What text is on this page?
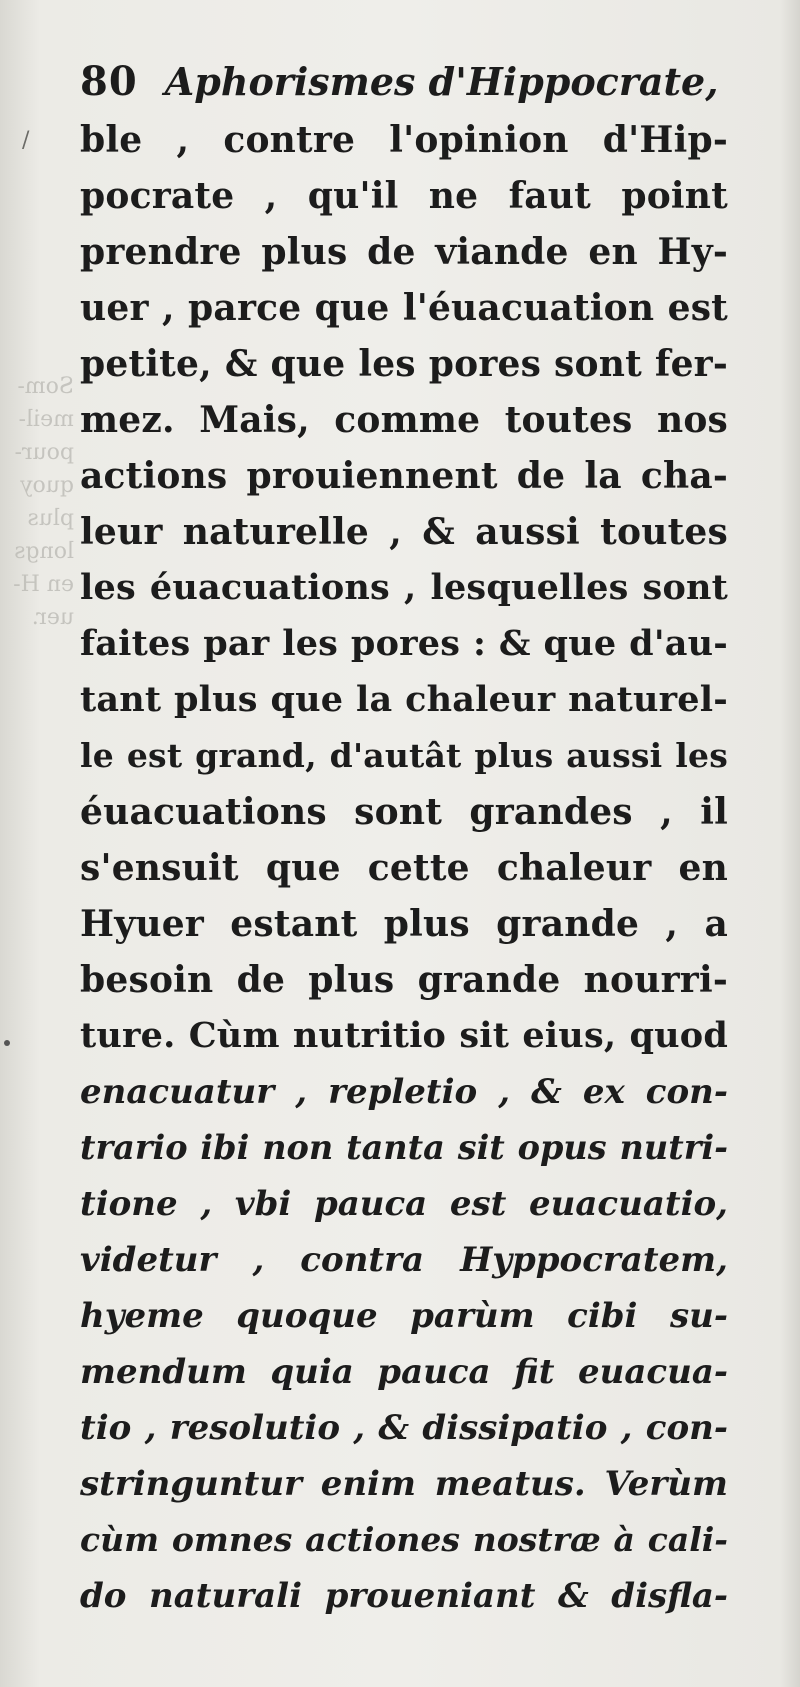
Som-
meil-
pour-
quoy
plus
longs
en H-
uer.
/
80 Aphorismes d'Hippocrate,
ble , contre l'opinion d'Hip-
pocrate , qu'il ne faut point
prendre plus de viande en Hy-
uer , parce que l'éuacuation est
petite, & que les pores sont fer-
mez. Mais, comme toutes nos
actions prouiennent de la cha-
leur naturelle , & aussi toutes
les éuacuations , lesquelles sont
faites par les pores : & que d'au-
tant plus que la chaleur naturel-
le est grand, d'autât plus aussi les
éuacuations sont grandes , il
s'ensuit que cette chaleur en
Hyuer estant plus grande , a
besoin de plus grande nourri-
ture. Cùm nutritio sit eius, quod
enacuatur , repletio , & ex con-
trario ibi non tanta sit opus nutri-
tione , vbi pauca est euacuatio,
videtur , contra Hyppocratem,
hyeme quoque parùm cibi su-
mendum quia pauca fit euacua-
tio , resolutio , & dissipatio , con-
stringuntur enim meatus. Verùm
cùm omnes actiones nostræ à cali-
do naturali proueniant & disfla-
